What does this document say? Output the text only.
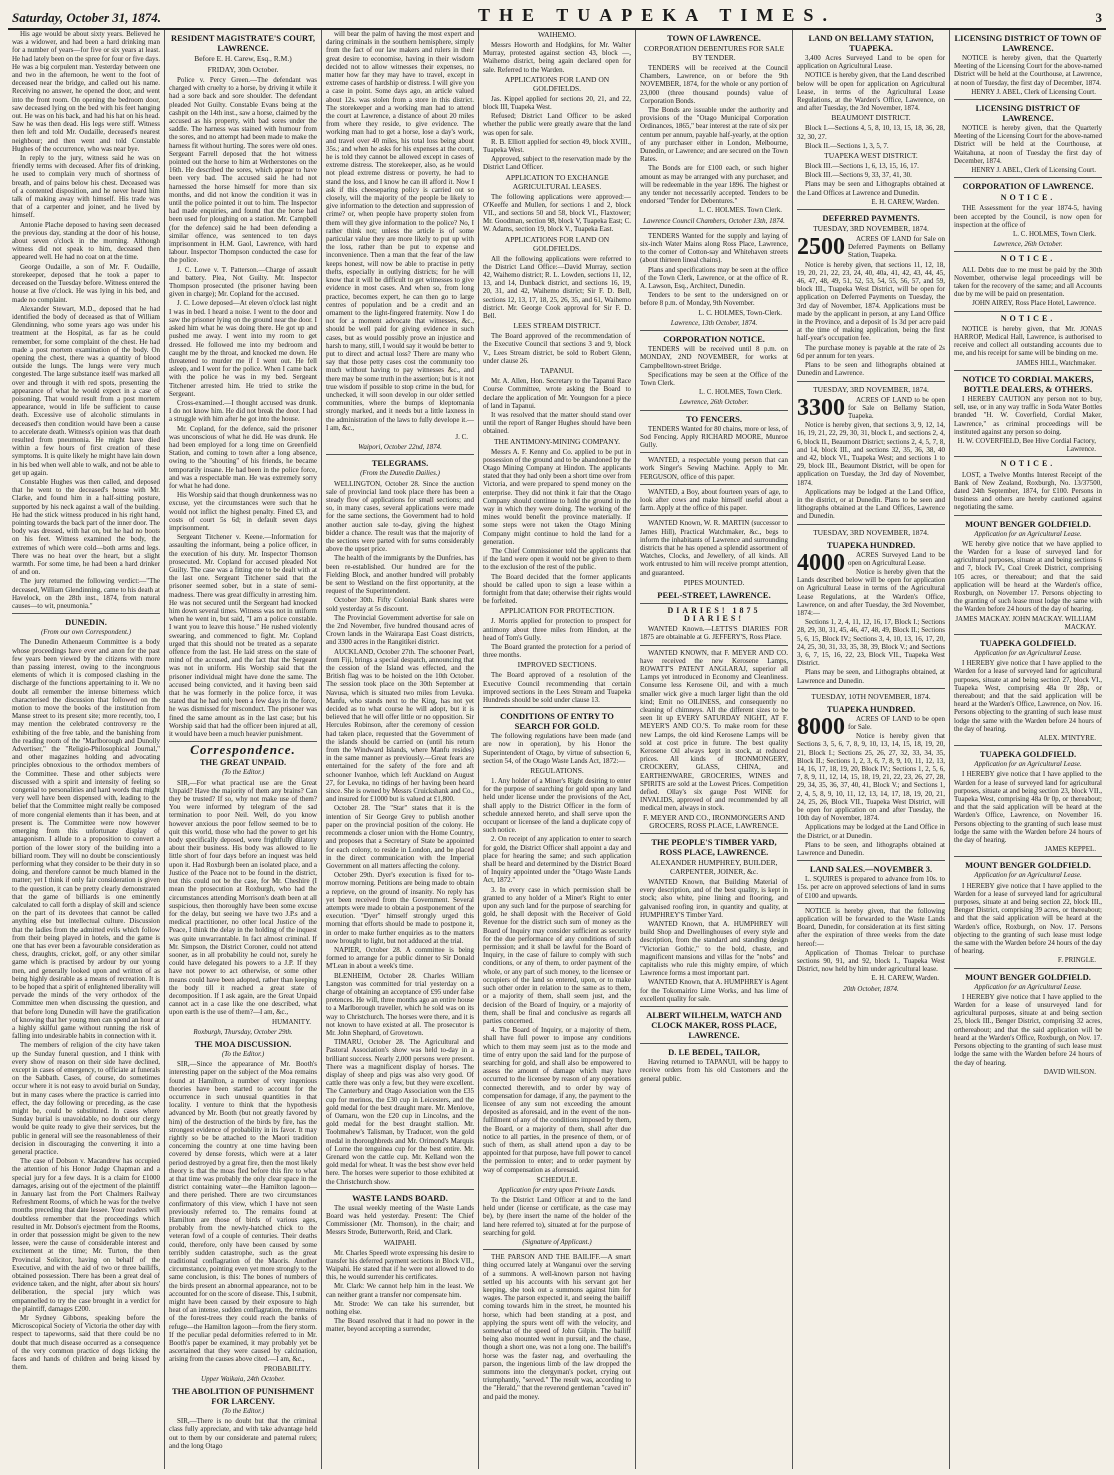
Saturday, October 31, 1874.	THE TUAPEKA TIMES.	3

His age would be about sixty years. Believed he was a widower, and had been a hard drinking man for a number of years—for five or six years at least. He had lately been on the spree for four or five days. He was a big corpulent man. Yesterday between one and two in the afternoon, he went to the foot of deceased near the bridge, and called out his name. Receiving no answer, he opened the door, and went into the front room. On opening the bedroom door, saw deceased lying on the bed with his feet hanging out. He was on his back, and had his hat on his head. Saw he was then dead. His legs were stiff. Witness then left and told Mr. Oudaille, deceased's nearest neighbour; and then went and told Constable Hughes of the occurrence, who was near bye.

In reply to the jury, witness said he was on friendly terms with deceased. After fits of drinking, he used to complain very much of shortness of breath, and of pains below his chest. Deceased was of a contented disposition, and he never heard him talk of making away with himself. His trade was that of a carpenter and joiner, and he lived by himself.

Antonie Plache deposed to having seen deceased the previous day, standing at the door of his house, about seven o'clock in the morning. Although witness did not speak to him, deceased then appeared well. He had no coat on at the time.

George Oudaille, a son of Mr. F. Oudaille, storekeeper, deposed that he took a paper to deceased on the Tuesday before. Witness entered the house at five o'clock. He was lying in his bed, and made no complaint.

Alexander Stewart, M.D., deposed that he had identified the body of deceased as that of William Glendinning, who some years ago was under his treatment at the Hospital, as far as he could remember, for some complaint of the chest. He had made a post mortem examination of the body. On opening the chest, there was a quantity of blood outside the lungs. The lungs were very much congested. The large substance itself was marked all over and through it with red spots, presenting the appearance of what he would expect in a case of poisoning. That would result from a post mortem appearance, would in life be sufficient to cause death. Excessive use of alcoholic stimulants in deceased's then condition would have been a cause to accelerate death. Witness's opinion was that death resulted from pneumonia. He might have died within a few hours of first creation of these symptoms. It is quite likely he might have lain down in his bed when well able to walk, and not be able to get up again.

Constable Hughes was then called, and deposed that he went to the deceased's house with Mr. Clarke, and found him in a half-sitting posture, supported by his neck against a wall of the building. He had the stick witness produced in his right hand, pointing towards the back part of the inner door. The body was dressed, with hat on, but he had no boots on his feet. Witness examined the body, the extremes of which were cold—both arms and legs. There was no heat over the heart, but a slight warmth. For some time, he had been a hard drinker of and on.

The jury returned the following verdict:—"The deceased, William Glendinning, came to his death at Havelock, on the 28th inst., 1874, from natural causes—to wit, pneumonia."

DUNEDIN.
(From our own Correspondent.)

The Dunedin Athenaeum Committee is a body whose proceedings have ever and anon for the past few years been viewed by the citizens with more than passing interest, owing to the incongruous elements of which it is composed clashing in the discharge of the functions appertaining to it. We no doubt all remember the intense bitterness which characterised the discussion that followed on the motion to move the books of the institution from Manse street to its present site; more recently, too, I may mention the celebrated controversy re the exhibiting of the free table, and the banishing from the reading room of the "Marlborough and Dunolly Advertiser," the "Religio-Philosophical Journal," and other magazines holding and advocating principles obnoxious to the orthodox members of the Committee. These and other subjects were discussed with a spirit and intensity of feeling so congenial to personalities and hard words that might very well have been dispensed with, leading to the belief that the Committee might really be composed of more congenial elements than it has been, and at present is. The Committee were now however emerging from this unfortunate display of antagonism. I allude to a proposition to convert a portion of the lower story of the building into a billiard room. They will no doubt be conscientiously performing what they consider to be their duty in so doing, and therefore cannot be much blamed in the matter; yet I think if only fair consideration is given to the question, it can be pretty clearly demonstrated that the game of billiards is one eminently calculated to call forth a display of skill and science on the part of its devotees that cannot be called anything else but intellectual culture. Discussion that the ladies from the admitted evils which follow from their being played in hotels, and the game is one that has ever been a favourable consideration as chess, draughts, cricket, golf, or any other similar game which is practised by ardour by our young men, and generally looked upon and written of as being highly desirable as a means of recreation. It is to be hoped that a spirit of enlightened liberality will pervade the minds of the very orthodox of the Committee men when discussing the question, and that before long Dunedin will have the gratification of knowing that her young men can spend an hour at a highly skilful game without running the risk of falling into undesirable habits in connection with it.

The members of religion of the city have taken up the Sunday funeral question, and I think with every show of reason on their side have declined, except in cases of emergency, to officiate at funerals on the Sabbath. Cases, of course, do sometimes occur where it is not easy to avoid burial on Sunday, but in many cases where the practice is carried into effect, the day following or preceding, as the case might be, could be substituted. In cases where Sunday burial is unavoidable, no doubt our clergy would be quite ready to give their services, but the public in general will see the reasonableness of their decision in discouraging the converting it into a general practice.

The case of Dobson v. Macandrew has occupied the attention of his Honor Judge Chapman and a special jury for a few days. It is a claim for £1000 damages, arising out of the ejectment of the plaintiff in January last from the Port Chalmers Railway Refreshment Rooms, of which he was for the twelve months preceding that date lessee. Your readers will doubtless remember that the proceedings which resulted in Mr. Dobson's ejectment from the Rooms, in order that possession might be given to the new lessee, were the cause of considerable interest and excitement at the time; Mr. Turton, the then Provincial Solicitor, having on behalf of the Executive, and with the aid of two or three bailiffs, obtained possession. There has been a great deal of evidence taken, and the night, after about six hours' deliberation, the special jury which was empannelled to try the case brought in a verdict for the plaintiff, damages £200.

Mr Sydney Gibbons, speaking before the Microscopical Society of Victoria the other day with respect to tapeworms, said that there could be no doubt that much disease occurred as a consequence of the very common practice of dogs licking the faces and hands of children and being kissed by them.

RESIDENT MAGISTRATE'S COURT, LAWRENCE.
Before E. H. Carew, Esq., R.M.)
FRIDAY, 30th October.

Police v. Percy Green.—The defendant was charged with cruelty to a horse, by driving it while it had a sore back and sore shoulder. The defendant pleaded Not Guilty. Constable Evans being at the cashpit on the 14th inst., saw a horse, claimed by the accused as his property, with bad sores under the saddle. The harness was stained with humour from the sores, and no attempt had been made to make the harness fit without hurting. The sores were old ones. Sergeant Farrell deposed that the hot witness pointed out the horse to him at Wetherstones on the 16th. He described the sores, which appear to have been very bad. The accused said he had not harnessed the horse himself for more than six months, and did not know the condition it was in until the police pointed it out to him. The Inspector had made enquiries, and found that the horse had been used for ploughing on a station. Mr. Campbell (for the defence) said he had been defending a similar offence, was sentenced to ten days imprisonment in H.M. Gaol, Lawrence, with hard labour. Inspector Thompson conducted the case for the police.

J. C. Lowe v. T. Patterson.—Charge of assault and battery. Plea, Not Guilty. Mr. Inspector Thompson prosecuted (the prisoner having been given in charge); Mr. Copland for the accused.

J. C. Lowe deposed—At eleven o'clock last night I was in bed. I heard a noise. I went to the door and saw the prisoner lying on the ground near the door. I asked him what he was doing there. He got up and pushed me away. I went into my room to get dressed. He followed me into my bedroom and caught me by the throat, and knocked me down. He threatened to murder me if I went out. He fell asleep, and I went for the police. When I came back with the police he was in my bed. Sergeant Titchener arrested him. He tried to strike the Sergeant.

Cross-examined.—I thought accused was drunk. I do not know him. He did not break the door. I had a struggle with him after he got into the house.

Mr. Copland, for the defence, said the prisoner was unconscious of what he did. He was drunk. He had been employed for a long time on Greenfield Station, and coming to town after a long absence, owing to the "shouting" of his friends, he became temporarily insane. He had been in the police force, and was a respectable man. He was extremely sorry for what he had done.

His Worship said that though drunkenness was no excuse, yet the circumstances were such that he would not inflict the highest penalty. Fined £3, and costs of court 5s 6d; in default seven days imprisonment.

Sergeant Titchener v. Keene.—Information for assaulting the informant, being a police officer, in the execution of his duty. Mr. Inspector Thomson prosecuted. Mr. Copland for accused pleaded Not Guilty. The case was a fitting one to be dealt with at the last one. Sergeant Titchener said that the prisoner seemed sober, but in a state of semi-madness. There was great difficulty in arresting him. He was not secured until the Sergeant had knocked him down several times. Witness was not in uniform when he went in, but said, "I am a police constable. I want you to leave this house." He rushed violently swearing, and commenced to fight. Mr. Copland urged that this should not be treated as a separate offence from the last. He laid stress on the state of mind of the accused, and the fact that the Sergeant was not in uniform. His Worship said that the prisoner individual might have done the same. The accused being convicted, and it having been said that he was formerly in the police force, it was stated that he had only been a few days in the force, he was dismissed for misconduct. The prisoner was fined the same amount as in the last case; but his Worship said that had the officer been injured at all, it would have been a much heavier punishment.

Correspondence.
THE GREAT UNPAID.
(To the Editor.)

SIR,—For what practical use are the Great Unpaid? Have the majority of them any brains? Can they be trusted? If so, why not make use of them? You were informed by telegram of the sad termination to poor Neil. Well, do you know however anxious the poor fellow seemed to be to quit this world, those who had the power to get his body specifically deposed, were frightfully dilatory about their business. His body was allowed to lie little short of four days before an inquest was held upon it. Had Roxburgh been an isolated place, and a Justice of the Peace not to be found in the district, but this could not be the case, for Mr. Cheshire (I mean the prosecution at Roxburgh, who had the circumstances attending Morrison's death been at all suspicious, then thoroughly have been some excuse for the delay, but seeing we have two J.P.s and a medical practitioner, no other local Justice of the Peace, I think the delay in the holding of the inquest was quite unwarrantable. In fact almost criminal. If Mr. Simpson, the District Coroner, could not attend sooner, as in all probability he could not, surely he could have delegated his powers to a J.P. If they have not power to act otherwise, or some other means could have been adopted, rather than keeping the body till it reached a great state of decomposition. If I ask again, are the Great Unpaid cannot act in a case like the one described, what upon earth is the use of them?—I am, &c.,

HUMANITY.
Roxburgh, Thursday, October 29th.
THE MOA DISCUSSION.
(To the Editor.)

SIR,—Since the appearance of Mr. Booth's interesting paper on the subject of the Moa remains found at Hamilton, a number of very ingenious theories have been started to account for the occurrence in such unusual quantities in that locality. I venture to think that the hypothesis advanced by Mr. Booth (but not greatly favored by him) of the destruction of the birds by fire, has the strongest evidence of probability in its favor. It may rightly so be be attached to the Maori tradition concerning the country at one time having been covered by dense forests, which were at a later period destroyed by a great fire, then the most likely theory is that the moas fled before this fire to what at that time was probably the only clear space in the district containing water—the Hamilton lagoon—and there perished. There are two circumstances confirmatory of this view, which I have not seen previously referred to. The remains found at Hamilton are those of birds of various ages, probably from the newly-hatched chick to the veteran fowl of a couple of centuries. Their deaths could, therefore, only have been caused by some terribly sudden catastrophe, such as the great traditional conflagration of the Maoris. Another circumstance, pointing even yet more strongly to the same conclusion, is this: The bones of numbers of the birds present an abnormal appearance, not to be accounted for on the score of disease. This, I submit, might have been caused by their exposure to high heat of an intense, sudden conflagration, the remains of the forest-trees they could reach the banks of refuge—the Hamilton lagoon—from the fiery storm. If the peculiar pedal deformities referred to in Mr. Booth's paper be examined, it may probably yet be ascertained that they were caused by calcination, arising from the causes above cited.—I am, &c.,

PROBABILITY.
Upper Waikaia, 24th October.
THE ABOLITION OF PUNISHMENT FOR LARCENY.
(To the Editor.)

SIR,—There is no doubt but that the criminal class fully appreciate, and with take advantage held out to them by our considerate and paternal rulers; and the long Otago

will bear the palm of having the most expert and daring criminals in the southern hemisphere, simply from the fact of our law makers and rulers in their great desire to economise, having in their wisdom decided not to allow witnesses their expenses, no matter how far they may have to travel, except in extreme cases of hardship or distress. I will give you a case in point. Some days ago, an article valued about 12s. was stolen from a store in this district. The storekeeper and a working man had to attend the court at Lawrence, a distance of about 20 miles from where they reside, to give evidence. The working man had to get a horse, lose a day's work, and travel over 40 miles, his total loss being about 35s.; and when he asks for his expenses at the court, he is told they cannot be allowed except in cases of extreme distress. The storekeeper, also, as he would not plead extreme distress or poverty, he had to stand the loss, and I know he can ill afford it. Now I ask if this cheeseparing policy is carried out so closely, will the majority of the people be likely to give information to the detection and suppression of crime? or, when people have property stolen from them will they give information to the police? No, I rather think not; unless the article is of some particular value they are more likely to put up with the loss, rather than be put to expense and inconvenience. Then a man that the fear of the law keeps honest, will now be able to practise in petty thefts, especially in outlying districts; for he will know that it will be difficult to get witnesses to give evidence in most cases. And when so, from long practice, becomes expert, he can then go to large centres of population and be a credit and an ornament to the light-fingered fraternity. Now I do not for a moment advocate that witnesses, &c., should be well paid for giving evidence in such cases, but as would possibly prove an injustice and harsh to many, still, I would say it would be better to put to direct and actual loss? There are many who say that those petty cases cost the community too much without having to pay witnesses &c., and there may be some truth in the assertion; but is it not true wisdom if possible to stop crime in the bud, for unchecked, it will soon develop in our older settled communities, where the bumps of kleptomania strongly marked, and it needs but a little laxness in the administration of the laws to fully develope it.—I am, &c.,

J. C.
Waipori, October 22nd, 1874.
TELEGRAMS.
(From the Dunedin Dailies.)

WELLINGTON, October 28. Since the auction sale of provincial land took place there has been a steady flow of applications for small sections; and so, in many cases, several applications were made for the same sections, the Government had to hold another auction sale to-day, giving the highest bidder a chance. The result was that the majority of the sections were parted with for sums considerably above the upset price.

The health of the immigrants by the Dunfries, has been re-established. Our hundred are for the Fielding Block, and another hundred will probably be sent to Westland on the first opportunity, at the request of the Superintendent.

October 30th. Fifty Colonial Bank shares were sold yesterday at 5s discount.

The Provincial Government advertise for sale on the 2nd November, five hundred thousand acres of Crown lands in the Wairarapa East Coast districts, and 3300 acres in the Rangitikei district.

AUCKLAND, October 27th. The schooner Pearl, from Fiji, brings a special despatch, announcing that the cession of the Island was effected, and the British flag was to be hoisted on the 10th October. The session took place on the 30th September at Navusa, which is situated two miles from Levuka. Manfu, who stands next to the King, has not yet decided as to what course he will adopt, but it is believed that he will offer little or no opposition. Sir Hercules Robinson, after the ceremony of cession had taken place, requested that the Government of the islands should be carried on (until his return from the Windward Islands, where Manfu resides) in the same manner as previously.—Great fears are entertained for the safety of the fore and aft schooner Ivanhoe, which left Auckland on August 27, for Levuka, no tidings of her having been heard since. She is owned by Messrs Cruickshank and Co., and insured for £1000 but is valued at £1,800.

October 28. The "Star" states that it is the intention of Sir George Grey to publish another paper on the provincial position of the colony. He recommends a closer union with the Home Country, and proposes that a Secretary of State be appointed for each colony, to reside in London, and be placed in the direct communication with the Imperial Government on all matters affecting the colony.

October 29th. Dyer's execution is fixed for to-morrow morning. Petitions are being made to obtain a reprieve, on the ground of insanity. No reply has yet been received from the Government. Several attempts were made to obtain a postponement of the execution. "Dyer" himself strongly urged this morning that efforts should be made to postpone it, in order to make further enquiries as to the matters now brought to light, but not adduced at the trial.

NAPIER, October 28. A committee is being formed to arrange for a public dinner to Sir Donald M'Lean in about a week's time.

BLENHEIM, October 28. Charles William Langston was committed for trial yesterday on a charge of obtaining an acceptance of £95 under false pretences. He will, three months ago an entire house to a Marlborough traveller, which he sold was on its way to Christchurch. The horses were there, and it is not known to have existed at all. The prosecutor is Mr. John Shephard, of Grovetown.

TIMARU, October 28. The Agricultural and Pastoral Association's show was held to-day in a brilliant success. Nearly 2,000 persons were present. There was a magnificent display of horses. The display of sheep and pigs was also very good. Of cattle there was only a few, but they were excellent. The Canterbury and Otago Association won the £35 cup for merinos, the £30 cup in Leicesters, and the gold medal for the best draught mare. Mr. Menlove, of Oamaru, won the £20 cup in Lincolns, and the gold medal for the best draught stallion. Mr. Toohmahew's Talisman, by Traducer, won the gold medal in thoroughbreds and Mr. Orimond's Marquis of Lorne the tenguinea cup for the best entire. Mr. Grenard won the cattle cup. Mr. Kelland won the gold medal for wheat. It was the best show ever held here. The horses were superior to those exhibited at the Christchurch show.

WASTE LANDS BOARD.

The usual weekly meeting of the Waste Lands Board was held yesterday. Present: The Chief Commissioner (Mr. Thomson), in the chair; and Messrs Strode, Butterworth, Reid, and Clark.

WAIPAHI.

Mr. Charles Speedl wrote expressing his desire to transfer his deferred payment sections in Block VII., Waipahi. He stated that if he were not allowed to do this, he would surrender his certificates.

Mr. Clark: We cannot help him in the least. We can neither grant a transfer nor compensate him.

Mr. Strode: We can take his surrender, but nothing else.

The Board resolved that it had no power in the matter, beyond accepting a surrender,

WAIHEMO.

Messrs Howorth and Hodgkins, for Mr. Walter Murray, protested against section 43, block —, Waihemo district, being again declared open for sale. Referred to the Warden.

APPLICATIONS FOR LAND ON GOLDFIELDS.

Jas. Kippel applied for sections 20, 21, and 22, block III, Tuapeka West.

Refused; District Land Officer to be asked whether the public were greatly aware that the land was open for sale.

R. B. Elliott applied for section 49, block XVIII., Tuapeka West.

Approved, subject to the reservation made by the District Land Officer.

APPLICATION TO EXCHANGE AGRICULTURAL LEASES.

The following applications were approved:—O'Keeffe and Mullen, for sections 1 and 2, block VII., and sections 50 and 58, block VI., Flaxtower; Mr. Goodman, section 98, block V, Tuapeka East; C. W. Adams, section 19, block V., Tuapeka East.

APPLICATIONS FOR LAND ON GOLDFIELDS.

All the following applications were referred to the District Land Office:—David Murray, section 42, Waihemo district; R. L. Lowden, sections 11, 12, 13, and 14, Dunback district, and sections 16, 19, 20, 31, and 42, Waihemo district; Sir F. D. Bell, sections 12, 13, 17, 18, 25, 26, 35, and 61, Waihemo district. Mr. George Cook approval for Sir F. D. Bell.

LEES STREAM DISTRICT.

The Board approved of the recommendation of the Executive Council that sections 3 and 9, block V., Lees Stream district, be sold to Robert Glenn, under clause 26.

TAPANUI.

Mr. A. Allen, Hon. Secretary to the Tapanui Race Course Committee, wrote asking the Board to declare the application of Mr. Youngson for a piece of land in Tapanui.

It was resolved that the matter should stand over until the report of Ranger Hughes should have been obtained.

THE ANTIMONY-MINING COMPANY.

Messrs A. F. Kenny and Co. applied to be put in possession of the ground and to be abandoned by the Otago Mining Company at Hindon. The applicants stated that they had only been a short time over from Victoria, and were prepared to spend money on the enterprise. They did not think it fair that the Otago Company should continue to hold the ground in the way in which they were doing. The working of the mines would benefit the province materially. If some steps were not taken the Otago Mining Company might continue to hold the land for a generation.

The Chief Commissioner told the applicants that if the land were open it would not be given to them to the exclusion of the rest of the public.

The Board decided that the former applicants should be called upon to sign a lease within a fortnight from that date; otherwise their rights would be forfeited.

APPLICATION FOR PROTECTION.

J. Morris applied for protection to prospect for antimony about three miles from Hindon, at the head of Tom's Gully.

The Board granted the protection for a period of three months.

IMPROVED SECTIONS.

The Board approved of a resolution of the Executive Council recommending that certain improved sections in the Lees Stream and Tuapeka Hundreds should be sold under clause 13.

CONDITIONS OF ENTRY TO SEARCH FOR GOLD.

The following regulations have been made (and are now in operation), by his Honor the Superintendent of Otago, by virtue of subsection 6, section 54, of the Otago Waste Lands Act, 1872:—

REGULATIONS.

1. Any holder of a Miner's Right desiring to enter for the purpose of searching for gold upon any land held under license under the provisions of the Act, shall apply to the District Officer in the form of schedule annexed hereto, and shall serve upon the occupant or licensee of the land a duplicate copy of such notice.

2. On receipt of any application to enter to search for gold, the District Officer shall appoint a day and place for hearing the same; and such application shall be heard and determined by the District Board of Inquiry appointed under the "Otago Waste Lands Act, 1872."

3. In every case in which permission shall be granted to any holder of a Miner's Right to enter upon any such land for the purpose of searching for gold, he shall deposit with the Receiver of Gold Revenue for the district such sum of money as the Board of Inquiry may consider sufficient as security for the due performance of any conditions of such permission; and it shall be lawful for the Board of Inquiry, in the case of failure to comply with such conditions, or any of them, to order payment of the whole, or any part of such money, to the licensee or occupiers of the land so entered, upon, or to make such other order in relation to the same as to them, or a majority of them, shall seem just, and the decision of the Board of Inquiry, or a majority of them, shall be final and conclusive as regards all parties concerned.

4. The Board of Inquiry, or a majority of them, shall have full power to impose any conditions which to them may seem just as to the mode and time of entry upon the said land for the purpose of searching for gold, and shall also be empowered to assess the amount of damage which may have occurred to the licensee by reason of any operations connected therewith, and to order by way of compensation for damage, if any, the payment to the licensee of any sum not exceeding the amount deposited as aforesaid, and in the event of the non-fulfilment of any of the conditions imposed by them, the Board, or a majority of them, shall after due notice to all parties, in the presence of them, or of such of them, as shall attend upon a day to be appointed for that purpose, have full power to cancel the permission to enter; and to order payment by way of compensation as aforesaid.

SCHEDULE.
Application for entry upon Private Lands.

To the District Land Officer at and to the land held under (license or certificate, as the case may be), by (here insert the name of the holder of the land here referred to), situated at for the purpose of searching for gold.

(Signature of Applicant.)

THE PARSON AND THE BAILIFF.—A smart thing occurred lately at Wanganui over the serving of a summons. A well-known parson not having settled up his accounts with his servant got her keeping, she took out a summons against him for wages. The parson expected it, and seeing the bailiff coming towards him in the street, he mounted his horse, which had been standing at a post, and applying the spurs went off with the velocity, and somewhat of the speed of John Gilpin. The bailiff being also mounted went in pursuit, and the chase, though a short one, was not a long one. The bailiff's horse was the faster nag, and overhauling the parson, the ingenious limb of the law dropped the summons into the clergyman's pocket, crying out triumphantly, "served." The result was, according to the "Herald," that the reverend gentleman "caved in" and paid the money.

TOWN OF LAWRENCE.
CORPORATION DEBENTURES FOR SALE BY TENDER.

TENDERS will be received at the Council Chambers, Lawrence, on or before the 9th NOVEMBER, 1874, for the whole or any portion of 23,000 (three thousand pounds) value of Corporation Bonds.

The Bonds are issuable under the authority and provisions of the "Otago Municipal Corporation Ordinances, 1865," bear interest at the rate of six per centum per annum, payable half-yearly, at the option of any purchaser either in London, Melbourne, Dunedin, or Lawrence; and are secured on the Town Rates.

The Bonds are for £100 each, or such higher amount as may be arranged with any purchaser, and will be redeemable in the year 1896. The highest or any tender not necessarily accepted. Tenders to be endorsed "Tender for Debentures."

L. C. HOLMES. Town Clerk.
Lawrence Council Chambers, October 13th, 1874.

TENDERS Wanted for the supply and laying of six-inch Water Mains along Ross Place, Lawrence, to the corner of Cotton-say and Whitehaven streets (about thirteen lineal chains).

Plans and specifications may be seen at the office of the Town Clerk, Lawrence, or at the office of R. A. Lawson, Esq., Architect, Dunedin.

Tenders to be sent to the undersigned on or before 8 p.m. of Monday, 9th November.

L. C. HOLMES, Town-Clerk.
Lawrence, 13th October, 1874.
CORPORATION NOTICE.

TENDERS will be received until 8 p.m. on MONDAY, 2ND NOVEMBER, for works at Campbelltown-street Bridge.

Specifications may be seen at the Office of the Town Clerk.

L. C. HOLMES, Town Clerk.
Lawrence, 26th October.
TO FENCERS.

TENDERS Wanted for 80 chains, more or less, of Sod Fencing. Apply RICHARD MOORE, Munroe Gully.

WANTED, a respectable young person that can work Singer's Sewing Machine. Apply to Mr. FERGUSON, office of this paper.

WANTED, a Boy, about fourteen years of age, to look after cows and make himself useful about a farm. Apply at the office of this paper.

WANTED Known, W. R. MARTIN (successor to James Hill), Practical Watchmaker, &c., begs to inform the inhabitants of Lawrence and surrounding districts that he has opened a splendid assortment of Watches, Clocks, and Jewellery, of all kinds. All work entrusted to him will receive prompt attention, and guaranteed.

PIPES MOUNTED.
PEEL-STREET, LAWRENCE.
DIARIES! 1875 DIARIES!

WANTED Known.—LETTS'S DIARIES FOR 1875 are obtainable at G. JEFFERY'S, Ross Place.

WANTED KNOWN, that F. MEYER AND CO. have received the new Kerosene Lamps, ROWATT'S PATENT ANGLARAJ, superior all Lamps yet introduced in Economy and Cleanliness. Consume less Kerosene Oil, and with a much smaller wick give a much larger light than the old kind; Emit no OILINESS, and consequently no cleaning of chimneys. All the different sizes to be seen lit up EVERY SATURDAY NIGHT, AT F. MEYER'S AND CO.'S. To make room for these new Lamps, the old kind Kerosene Lamps will be sold at cost price in future. The best quality Kerosene Oil always kept in stock, at reduced prices. All kinds of IRONMONGERY, CROCKERY, GLASS, CHINA, and EARTHENWARE, GROCERIES, WINES and SPIRITS are sold at the Lowest Prices. Competition defied. Ollay's six gauge Post WINE for INVALIDS, approved of and recommended by all medical men, always in stock.

F. MEYER AND CO., IRONMONGERS AND GROCERS, ROSS PLACE, LAWRENCE.
THE PEOPLE'S TIMBER YARD, ROSS PLACE, LAWRENCE.
ALEXANDER HUMPHREY, BUILDER, CARPENTER, JOINER, &c.

WANTED Known, that Building Material of every description, and of the best quality, is kept in stock; also white, pine lining and flooring, and galvanised roofing iron, in quantity and quality, at HUMPHREY'S Timber Yard.

WANTED Known, that A. HUMPHREY will build Shop and Dwellinghouses of every style and description, from the standard and standing design "Victorian Gothic," to the bold, chaste, and magnificent mansions and villas for the "nobs" and capitalists who rule this mighty empire, of which Lawrence forms a most important part.

WANTED Known, that A. HUMPHREY is Agent for the Tokomairiro Lime Works, and has lime of excellent quality for sale.

ALBERT WILHELM, WATCH AND CLOCK MAKER, ROSS PLACE, LAWRENCE.
D. LE BEDEL, TAILOR,

Having returned to TAPANUI, will be happy to receive orders from his old Customers and the general public.

LAND ON BELLAMY STATION, TUAPEKA.

3,400 Acres Surveyed Land to be open for application on Agricultural Lease.

NOTICE is hereby given, that the Land described below will be open for application on Agricultural Lease, in terms of the Agricultural Lease Regulations, at the Warden's Office, Lawrence, on and after Tuesday, the 3rd November, 1874.

BEAUMONT DISTRICT.

Block I.—Sections 4, 5, 8, 10, 13, 15, 18, 36, 28, 32, 30, 27.

Block II.—Sections 1, 3, 5, 7.

TUAPEKA WEST DISTRICT.

Block III.—Sections 1, 6, 13, 15, 16, 17.

Block III.—Sections 9, 33, 37, 41, 30.

Plans may be seen and Lithographs obtained at the Land Offices at Lawrence and Dunedin.

E. H. CAREW, Warden.
DEFERRED PAYMENTS.
TUESDAY, 3RD NOVEMBER, 1874.
2500	ACRES OF LAND for Sale on Deferred Payments on Bellamy Station, Tuapeka.

Notice is hereby given, that sections 11, 12, 18, 19, 20, 21, 22, 23, 24, 40, 40a, 41, 42, 43, 44, 45, 46, 47, 48, 49, 51, 52, 53, 54, 55, 56, 57, and 59, block III., Tuapeka West District, will be open for application on Deferred Payments on Tuesday, the 3rd day of November, 1874. Applications must be made by the applicant in person, at any Land Office in the Province, and a deposit of 1s 3d per acre paid at the time of making application, being the first half-year's occupation fee.

The purchase money is payable at the rate of 2s 6d per annum for ten years.

Plans to be seen and lithographs obtained at Dunedin and Lawrence.

TUESDAY, 3RD NOVEMBER, 1874.
3300	ACRES OF LAND to be open for Sale on Bellamy Station, Tuapeka.

Notice is hereby given, that sections 3, 9, 12, 14, 16, 19, 21, 22, 29, 30, 31, block I., and sections 2, 4, 6, block II., Beaumont District; sections 2, 4, 5, 7, 8, and 14, block III., and sections 32, 35, 36, 38, 40 and 42, block VI., Tuapeka West; and sections 1 to 29, block III., Beaumont District, will be open for application on Tuesday, the 3rd day of November, 1874.

Applications may be lodged at the Land Office, in the district, or at Dunedin. Plans to be seen and lithographs obtained at the Land Offices, Lawrence and Dunedin.

TUESDAY, 3RD NOVEMBER, 1874.
TUAPEKA HUNDRED.
4000	ACRES Surveyed Land to be open on Agricultural Lease.

Notice is hereby given that the Lands described below will be open for application on Agricultural Lease in terms of the Agricultural Lease Regulations, at the Warden's Office, Lawrence, on and after Tuesday, the 3rd November, 1874:—

Sections 1, 2, 4, 11, 12, 16, 17, Block I.; Sections 28, 29, 30, 31, 45, 46, 47, 48, 49, Block II.; Sections 5, 6, 15, Block IV.; Sections 3, 4, 10, 13, 16, 17, 20, 24, 25, 30, 31, 33, 35, 38, 39, Block V.; and Sections 3, 6, 7, 15, 16, 22, 23, Block VII., Tuapeka West District.

Plans may be seen, and Lithographs obtained, at Lawrence and Dunedin.

TUESDAY, 10TH NOVEMBER, 1874.
TUAPEKA HUNDRED.
8000	ACRES OF LAND to be open for Sale.

Notice is hereby given that Sections 3, 5, 6, 7, 8, 9, 10, 13, 14, 15, 18, 19, 20, 21, Block I.; Sections 25, 26, 27, 32, 33, 34, 35, Block II.; Sections 1, 2, 3, 6, 7, 8, 9, 10, 11, 12, 13, 14, 16, 17, 18, 19, 20, Block IV.; Sections 1, 2, 5, 6, 7, 8, 9, 11, 12, 14, 15, 18, 19, 21, 22, 23, 26, 27, 28, 29, 34, 35, 36, 37, 40, 41, Block V.; and Sections 1, 2, 4, 5, 8, 9, 10, 11, 12, 13, 14, 17, 18, 19, 20, 21, 24, 25, 26, Block VII., Tuapeka West District, will be open for application on and after Tuesday, the 10th day of November, 1874.

Applications may be lodged at the Land Office in the District, or at Dunedin.

Plans to be seen, and lithographs obtained at Lawrence and Dunedin.

LAND SALES.—NOVEMBER 3.

L. SQUIRES is prepared to advance from 10s. to 15s. per acre on approved selections of land in sums of £100 and upwards.

NOTICE is hereby given, that the following application will be forwarded to the Waste Lands Board, Dunedin, for consideration at its first sitting after the expiration of three weeks from the date hereof:—

Application of Thomas Treloar to purchase sections 90, 91, and 92, block I., Tuapeka West District, now held by him under agricultural lease.

E. H. CAREW, Warden.
20th October, 1874.
LICENSING DISTRICT OF TOWN OF LAWRENCE.

NOTICE is hereby given, that the Quarterly Meeting of the Licensing Court for the above-named District will be held at the Courthouse, at Lawrence, at noon of Tuesday, the first day of December, 1874.

HENRY J. ABEL, Clerk of Licensing Court.
LICENSING DISTRICT OF LAWRENCE.

NOTICE is hereby given, that the Quarterly Meeting of the Licensing Court for the above-named District will be held at the Courthouse, at Waitahuna, at noon of Tuesday the first day of December, 1874.

HENRY J. ABEL, Clerk of Licensing Court.
CORPORATION OF LAWRENCE.
NOTICE.

THE Assessment for the year 1874-5, having been accepted by the Council, is now open for inspection at the office of

L. C. HOLMES, Town Clerk.
Lawrence, 26th October.
NOTICE.

ALL Debts due to me must be paid by the 30th November, otherwise legal proceedings will be taken for the recovery of the same; and all Accounts due by me will be paid on presentation.

JOHN AIREY, Ross Place Hotel, Lawrence.
NOTICE.

NOTICE is hereby given, that Mr. JONAS HARROP, Medical Hall, Lawrence, is authorised to receive and collect all outstanding accounts due to me, and his receipt for same will be binding on me.

JAMES HILL, Watchmaker.
NOTICE TO CORDIAL MAKERS, BOTTLE DEALERS, & OTHERS.

I HEREBY CAUTION any person not to buy, sell, use, or in any way traffic in Soda Water Bottles branded "H. W. Coverfield, Cordial Maker, Lawrence," as criminal proceedings will be instituted against any person so doing.

H. W. COVERFIELD, Bee Hive Cordial Factory, Lawrence.
NOTICE.

LOST, a Twelve Months Interest Receipt of the Bank of New Zealand, Roxburgh, No. 13/37500, dated 24th September, 1874, for £100. Persons in business and others are hereby cautioned against negotiating the same.

MOUNT BENGER GOLDFIELD.
Application for an Agricultural Lease.

WE hereby give notice that we have applied to the Warden for a lease of surveyed land for agricultural purposes, situate at and being sections 6 and 7, block IV., Coal Creek District, comprising 105 acres, or thereabout; and that the said application will be heard at the Warden's office, Roxburgh, on November 17. Persons objecting to the granting of such lease must lodge the same with the Warden before 24 hours of the day of hearing.

JAMES MACKAY. JOHN MACKAY. WILLIAM MACKAY.
TUAPEKA GOLDFIELD.
Application for an Agricultural Lease.

I HEREBY give notice that I have applied to the Warden for a lease of surveyed land for agricultural purposes, situate at and being section 27, block VI., Tuapeka West, comprising 48a 0r 28p, or thereabout; and that the said application will be heard at the Warden's Office, Lawrence, on Nov. 16. Persons objecting to the granting of such lease must lodge the same with the Warden before 24 hours of the day of hearing.

ALEX. M'INTYRE.
TUAPEKA GOLDFIELD.
Application for an Agricultural Lease.

I HEREBY give notice that I have applied to the Warden for a lease of surveyed land for agricultural purposes, situate at and being section 23, block VII., Tuapeka West, comprising 48a 0r 0p, or thereabout; and that the said application will be heard at the Warden's Office, Lawrence, on November 16. Persons objecting to the granting of such lease must lodge the same with the Warden before 24 hours of the day of hearing.

JAMES KEPPEL.
MOUNT BENGER GOLDFIELD.
Application for an Agricultural Lease.

I HEREBY give notice that I have applied to the Warden for a lease of surveyed land for agricultural purposes, situate at and being section 22, block III., Benger District, comprising 39 acres, or thereabout; and that the said application will be heard at the Warden's office, Roxburgh, on Nov. 17. Persons objecting to the granting of such lease must lodge the same with the Warden before 24 hours of the day of hearing.

F. PRINGLE.
MOUNT BENGER GOLDFIELD.
Application for an Agricultural Lease.

I HEREBY give notice that I have applied to the Warden for a lease of unsurveyed land for agricultural purposes, situate at and being section 25, block III., Benger District, comprising 32 acres, orthereabout; and that the said application will be heard at the Warden's Office, Roxburgh, on Nov. 17. Persons objecting to the granting of such lease must lodge the same with the Warden before 24 hours of the day of hearing.

DAVID WILSON.
